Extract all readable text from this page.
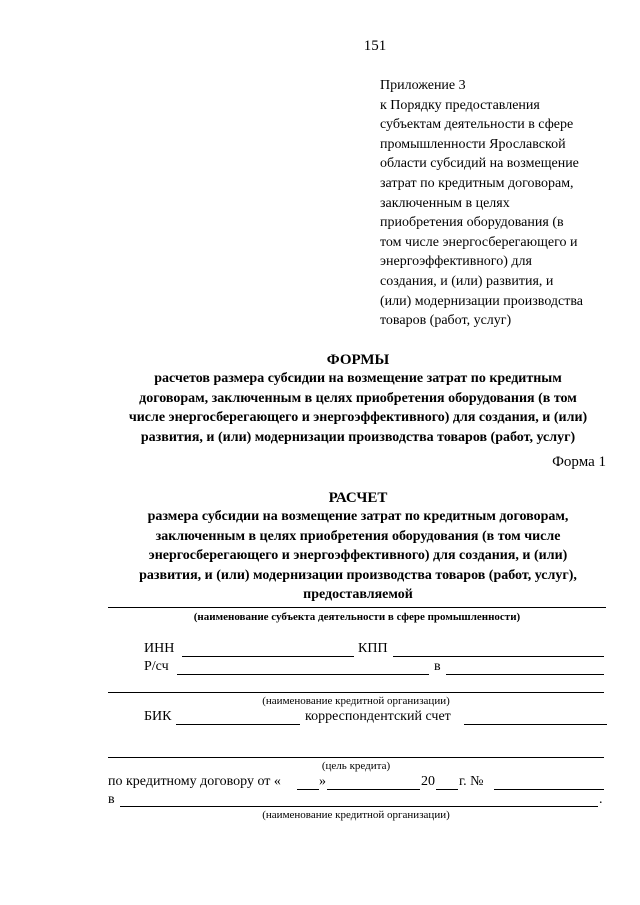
151
Приложение 3
к Порядку предоставления
субъектам деятельности в сфере
промышленности Ярославской
области субсидий на возмещение
затрат по кредитным договорам,
заключенным в целях
приобретения оборудования (в
том числе энергосберегающего и
энергоэффективного) для
создания, и (или) развития, и
(или) модернизации производства
товаров (работ, услуг)
ФОРМЫ
расчетов размера субсидии на возмещение затрат по кредитным
договорам, заключенным в целях приобретения оборудования (в том
числе энергосберегающего и энергоэффективного) для создания, и (или)
развития, и (или) модернизации производства товаров (работ, услуг)
Форма 1
РАСЧЕТ
размера субсидии на возмещение затрат по кредитным договорам,
заключенным в целях приобретения оборудования (в том числе
энергосберегающего и энергоэффективного) для создания, и (или)
развития, и (или) модернизации производства товаров (работ, услуг),
предоставляемой
(наименование субъекта деятельности в сфере промышленности)
ИНН	КПП
Р/сч	в
(наименование кредитной организации)
БИК	корреспондентский счет
(цель кредита)
по кредитному договору от «	»	20 г. №
в	.
(наименование кредитной организации)
